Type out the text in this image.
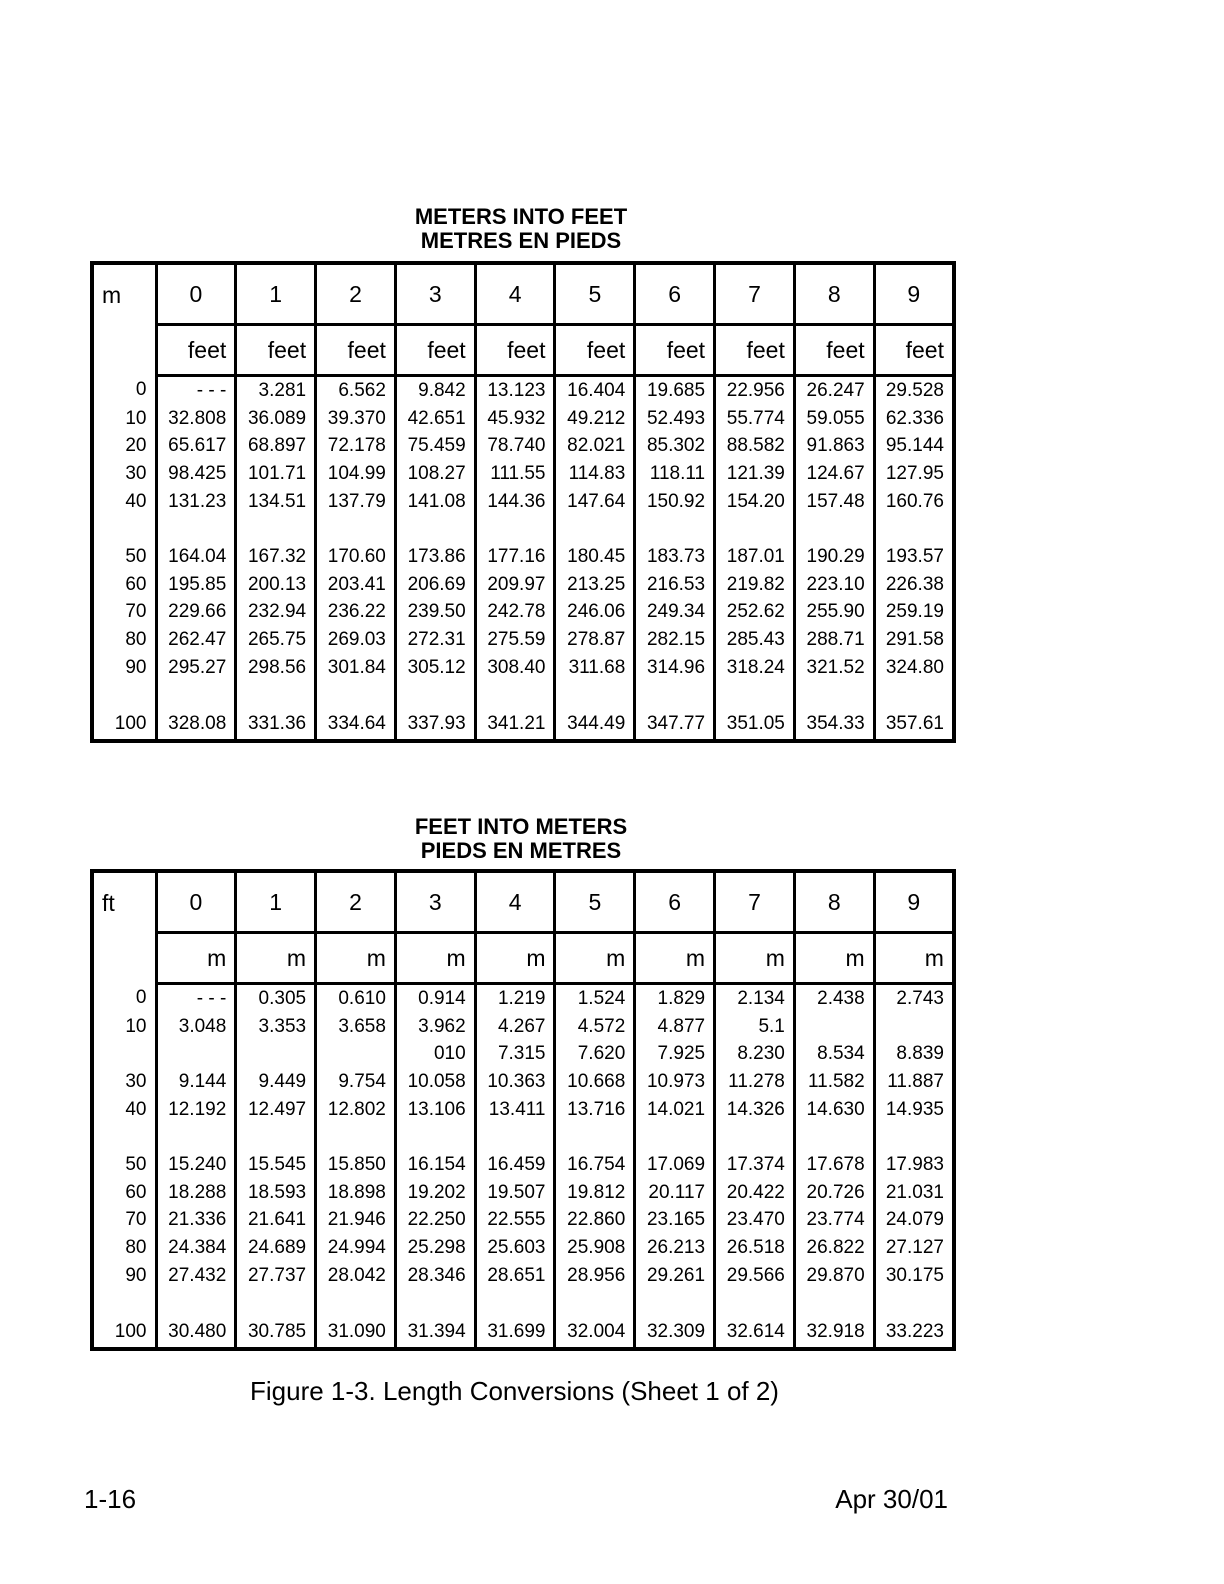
METERS INTO FEET
METRES EN PIEDS
m	0	1	2	3	4	5	6	7	8	9
	feet	feet	feet	feet	feet	feet	feet	feet	feet	feet
0	- - -	3.281	6.562	9.842	13.123	16.404	19.685	22.956	26.247	29.528
10	32.808	36.089	39.370	42.651	45.932	49.212	52.493	55.774	59.055	62.336
20	65.617	68.897	72.178	75.459	78.740	82.021	85.302	88.582	91.863	95.144
30	98.425	101.71	104.99	108.27	111.55	114.83	118.11	121.39	124.67	127.95
40	131.23	134.51	137.79	141.08	144.36	147.64	150.92	154.20	157.48	160.76

50	164.04	167.32	170.60	173.86	177.16	180.45	183.73	187.01	190.29	193.57
60	195.85	200.13	203.41	206.69	209.97	213.25	216.53	219.82	223.10	226.38
70	229.66	232.94	236.22	239.50	242.78	246.06	249.34	252.62	255.90	259.19
80	262.47	265.75	269.03	272.31	275.59	278.87	282.15	285.43	288.71	291.58
90	295.27	298.56	301.84	305.12	308.40	311.68	314.96	318.24	321.52	324.80

100	328.08	331.36	334.64	337.93	341.21	344.49	347.77	351.05	354.33	357.61
FEET INTO METERS
PIEDS EN METRES
ft	0	1	2	3	4	5	6	7	8	9
	m	m	m	m	m	m	m	m	m	m
0	- - -	0.305	0.610	0.914	1.219	1.524	1.829	2.134	2.438	2.743
10	3.048	3.353	3.658	3.962	4.267	4.572	4.877	5.1		
				010	7.315	7.620	7.925	8.230	8.534	8.839
30	9.144	9.449	9.754	10.058	10.363	10.668	10.973	11.278	11.582	11.887
40	12.192	12.497	12.802	13.106	13.411	13.716	14.021	14.326	14.630	14.935

50	15.240	15.545	15.850	16.154	16.459	16.754	17.069	17.374	17.678	17.983
60	18.288	18.593	18.898	19.202	19.507	19.812	20.117	20.422	20.726	21.031
70	21.336	21.641	21.946	22.250	22.555	22.860	23.165	23.470	23.774	24.079
80	24.384	24.689	24.994	25.298	25.603	25.908	26.213	26.518	26.822	27.127
90	27.432	27.737	28.042	28.346	28.651	28.956	29.261	29.566	29.870	30.175

100	30.480	30.785	31.090	31.394	31.699	32.004	32.309	32.614	32.918	33.223
Figure 1-3. Length Conversions (Sheet 1 of 2)
1-16	Apr 30/01
